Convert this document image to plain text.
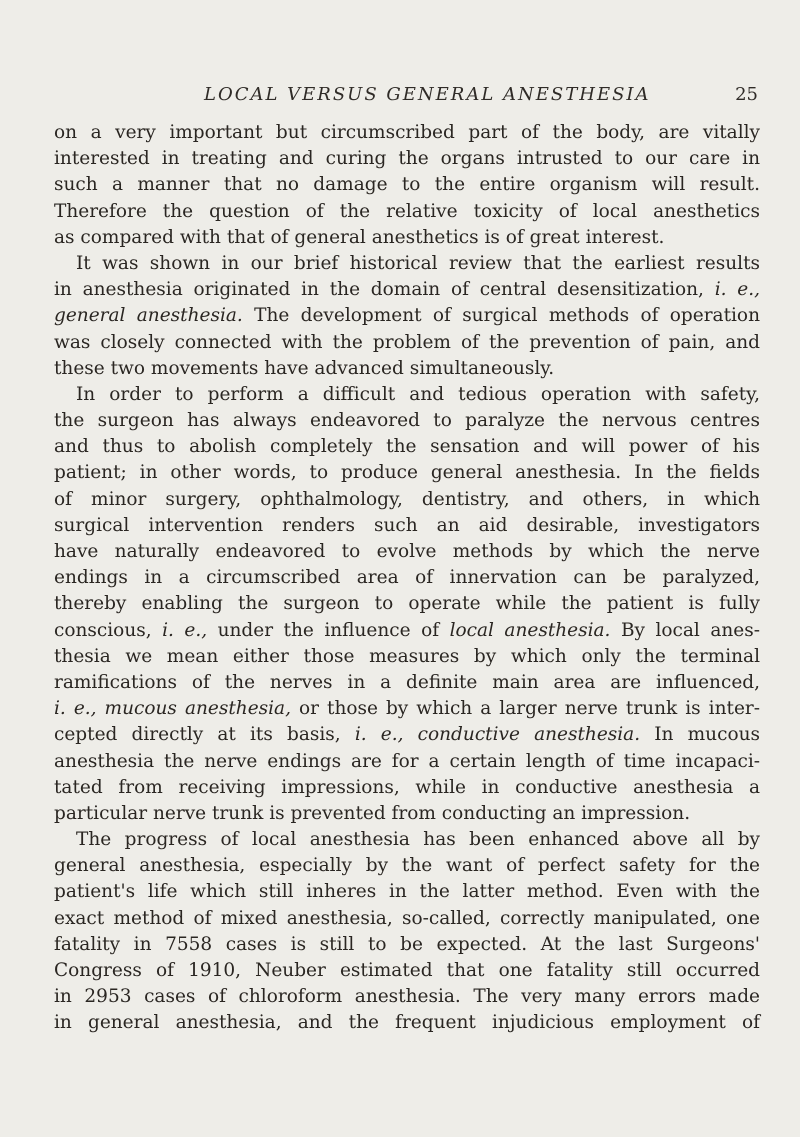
LOCAL VERSUS GENERAL ANESTHESIA	25
on a very important but circumscribed part of the body, are vitally
interested in treating and curing the organs intrusted to our care in
such a manner that no damage to the entire organism will result.
Therefore the question of the relative toxicity of local anesthetics
as compared with that of general anesthetics is of great interest.
It was shown in our brief historical review that the earliest results
in anesthesia originated in the domain of central desensitization, i. e.,
general anesthesia. The development of surgical methods of operation
was closely connected with the problem of the prevention of pain, and
these two movements have advanced simultaneously.
In order to perform a difficult and tedious operation with safety,
the surgeon has always endeavored to paralyze the nervous centres
and thus to abolish completely the sensation and will power of his
patient; in other words, to produce general anesthesia. In the fields
of minor surgery, ophthalmology, dentistry, and others, in which
surgical intervention renders such an aid desirable, investigators
have naturally endeavored to evolve methods by which the nerve
endings in a circumscribed area of innervation can be paralyzed,
thereby enabling the surgeon to operate while the patient is fully
conscious, i. e., under the influence of local anesthesia. By local anes-
thesia we mean either those measures by which only the terminal
ramifications of the nerves in a definite main area are influenced,
i. e., mucous anesthesia, or those by which a larger nerve trunk is inter-
cepted directly at its basis, i. e., conductive anesthesia. In mucous
anesthesia the nerve endings are for a certain length of time incapaci-
tated from receiving impressions, while in conductive anesthesia a
particular nerve trunk is prevented from conducting an impression.
The progress of local anesthesia has been enhanced above all by
general anesthesia, especially by the want of perfect safety for the
patient's life which still inheres in the latter method. Even with the
exact method of mixed anesthesia, so-called, correctly manipulated, one
fatality in 7558 cases is still to be expected. At the last Surgeons'
Congress of 1910, Neuber estimated that one fatality still occurred
in 2953 cases of chloroform anesthesia. The very many errors made
in general anesthesia, and the frequent injudicious employment of
